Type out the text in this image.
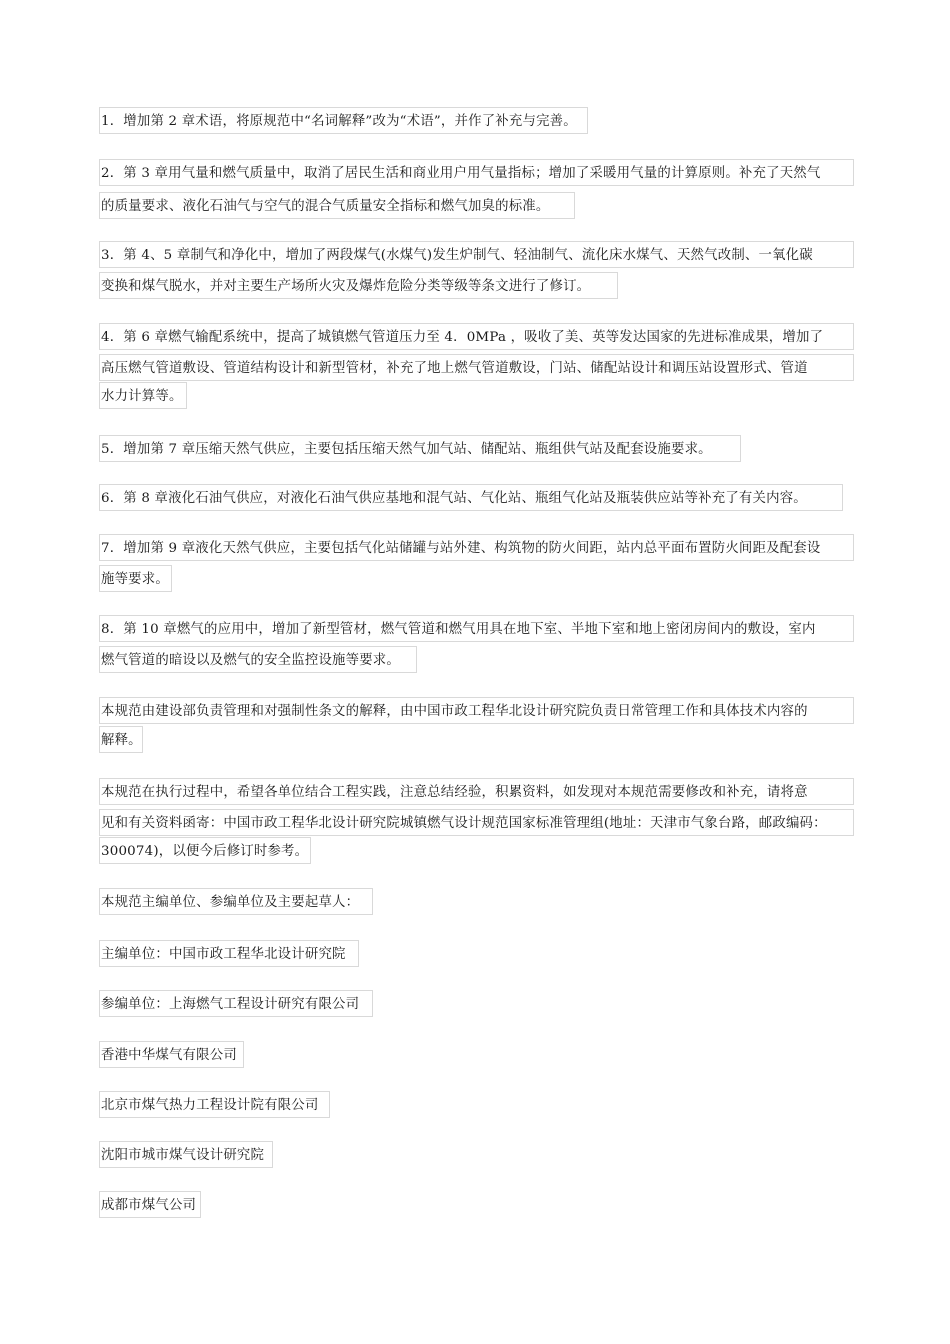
1．增加第 2 章术语，将原规范中“名词解释”改为“术语”，并作了补充与完善。
2．第 3 章用气量和燃气质量中，取消了居民生活和商业用户用气量指标；增加了采暖用气量的计算原则。补充了天然气
的质量要求、液化石油气与空气的混合气质量安全指标和燃气加臭的标准。
3．第 4、5 章制气和净化中，增加了两段煤气(水煤气)发生炉制气、轻油制气、流化床水煤气、天然气改制、一氧化碳
变换和煤气脱水，并对主要生产场所火灾及爆炸危险分类等级等条文进行了修订。
4．第 6 章燃气输配系统中，提高了城镇燃气管道压力至 4．0MPa ，吸收了美、英等发达国家的先进标准成果，增加了
高压燃气管道敷设、管道结构设计和新型管材，补充了地上燃气管道敷设，门站、储配站设计和调压站设置形式、管道
水力计算等。
5．增加第 7 章压缩天然气供应，主要包括压缩天然气加气站、储配站、瓶组供气站及配套设施要求。
6．第 8 章液化石油气供应，对液化石油气供应基地和混气站、气化站、瓶组气化站及瓶装供应站等补充了有关内容。
7．增加第 9 章液化天然气供应，主要包括气化站储罐与站外建、构筑物的防火间距，站内总平面布置防火间距及配套设
施等要求。
8．第 10 章燃气的应用中，增加了新型管材，燃气管道和燃气用具在地下室、半地下室和地上密闭房间内的敷设，室内
燃气管道的暗设以及燃气的安全监控设施等要求。
本规范由建设部负责管理和对强制性条文的解释，由中国市政工程华北设计研究院负责日常管理工作和具体技术内容的
解释。
本规范在执行过程中，希望各单位结合工程实践，注意总结经验，积累资料，如发现对本规范需要修改和补充，请将意
见和有关资料函寄：中国市政工程华北设计研究院城镇燃气设计规范国家标准管理组(地址：天津市气象台路，邮政编码：
300074)，以便今后修订时参考。
本规范主编单位、参编单位及主要起草人：
主编单位：中国市政工程华北设计研究院
参编单位：上海燃气工程设计研究有限公司
香港中华煤气有限公司
北京市煤气热力工程设计院有限公司
沈阳市城市煤气设计研究院
成都市煤气公司
